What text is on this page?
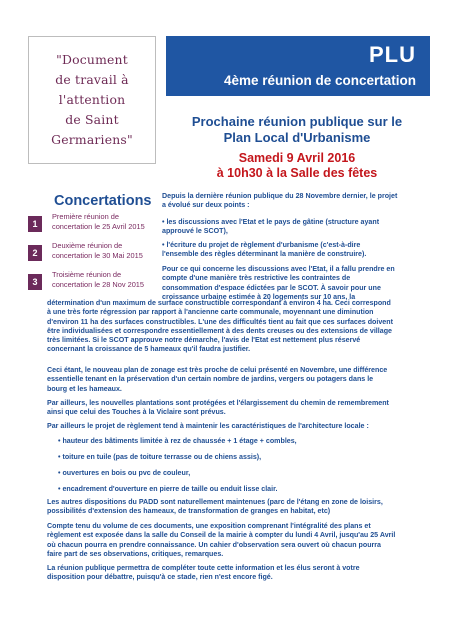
"Document
de travail à
l'attention
de Saint
Germariens"
PLU
4ème réunion de concertation
Prochaine réunion publique sur le
Plan Local d'Urbanisme
Samedi 9 Avril 2016
à 10h30 à la Salle des fêtes
Concertations
1
Première réunion de
concertation le 25 Avril 2015
2
Deuxième réunion de
concertation le 30 Mai 2015
3
Troisième réunion de
concertation le 28 Nov 2015
Depuis la dernière réunion publique du 28 Novembre dernier, le projet
a évolué sur deux points :
• les discussions avec l'Etat et le pays de gâtine (structure ayant
approuvé le SCOT),
• l'écriture du projet de règlement d'urbanisme (c'est-à-dire
l'ensemble des règles déterminant la manière de construire).
Pour ce qui concerne les discussions avec l'Etat, il a fallu prendre en
compte d'une manière très restrictive les contraintes de
consommation d'espace édictées par le SCOT. À savoir pour une
croissance urbaine estimée à 20 logements sur 10 ans, la
détermination d'un maximum de surface constructible correspondant à environ 4 ha. Ceci correspond
à une très forte régression par rapport à l'ancienne carte communale, moyennant une diminution
d'environ 11 ha des surfaces constructibles. L'une des difficultés tient au fait que ces surfaces doivent
être individualisées et correspondre essentiellement à des dents creuses ou des extensions de village
très limitées. Si le SCOT approuve notre démarche, l'avis de l'Etat est nettement plus réservé
concernant la croissance de 5 hameaux qu'il faudra justifier.
Ceci étant, le nouveau plan de zonage est très proche de celui présenté en Novembre, une différence
essentielle tenant en la préservation d'un certain nombre de jardins, vergers ou potagers dans le
bourg et les hameaux.
Par ailleurs, les nouvelles plantations sont protégées et l'élargissement du chemin de remembrement
ainsi que celui des Touches à la Viclaire sont prévus.
Par ailleurs le projet de règlement tend à maintenir les caractéristiques de l'architecture locale :
• hauteur des bâtiments limitée à rez de chaussée + 1 étage + combles,
• toiture en tuile (pas de toiture terrasse ou de chiens assis),
• ouvertures en bois ou pvc de couleur,
• encadrement d'ouverture en pierre de taille ou enduit lisse clair.
Les autres dispositions du PADD sont naturellement maintenues (parc de l'étang en zone de loisirs,
possibilités d'extension des hameaux, de transformation de granges en habitat, etc)
Compte tenu du volume de ces documents, une exposition comprenant l'intégralité des plans et
règlement est exposée dans la salle du Conseil de la mairie à compter du lundi 4 Avril, jusqu'au 25 Avril
où chacun pourra en prendre connaissance. Un cahier d'observation sera ouvert où chacun pourra
faire part de ses observations, critiques, remarques.
La réunion publique permettra de compléter toute cette information et les élus seront à votre
disposition pour débattre, puisqu'à ce stade, rien n'est encore figé.
